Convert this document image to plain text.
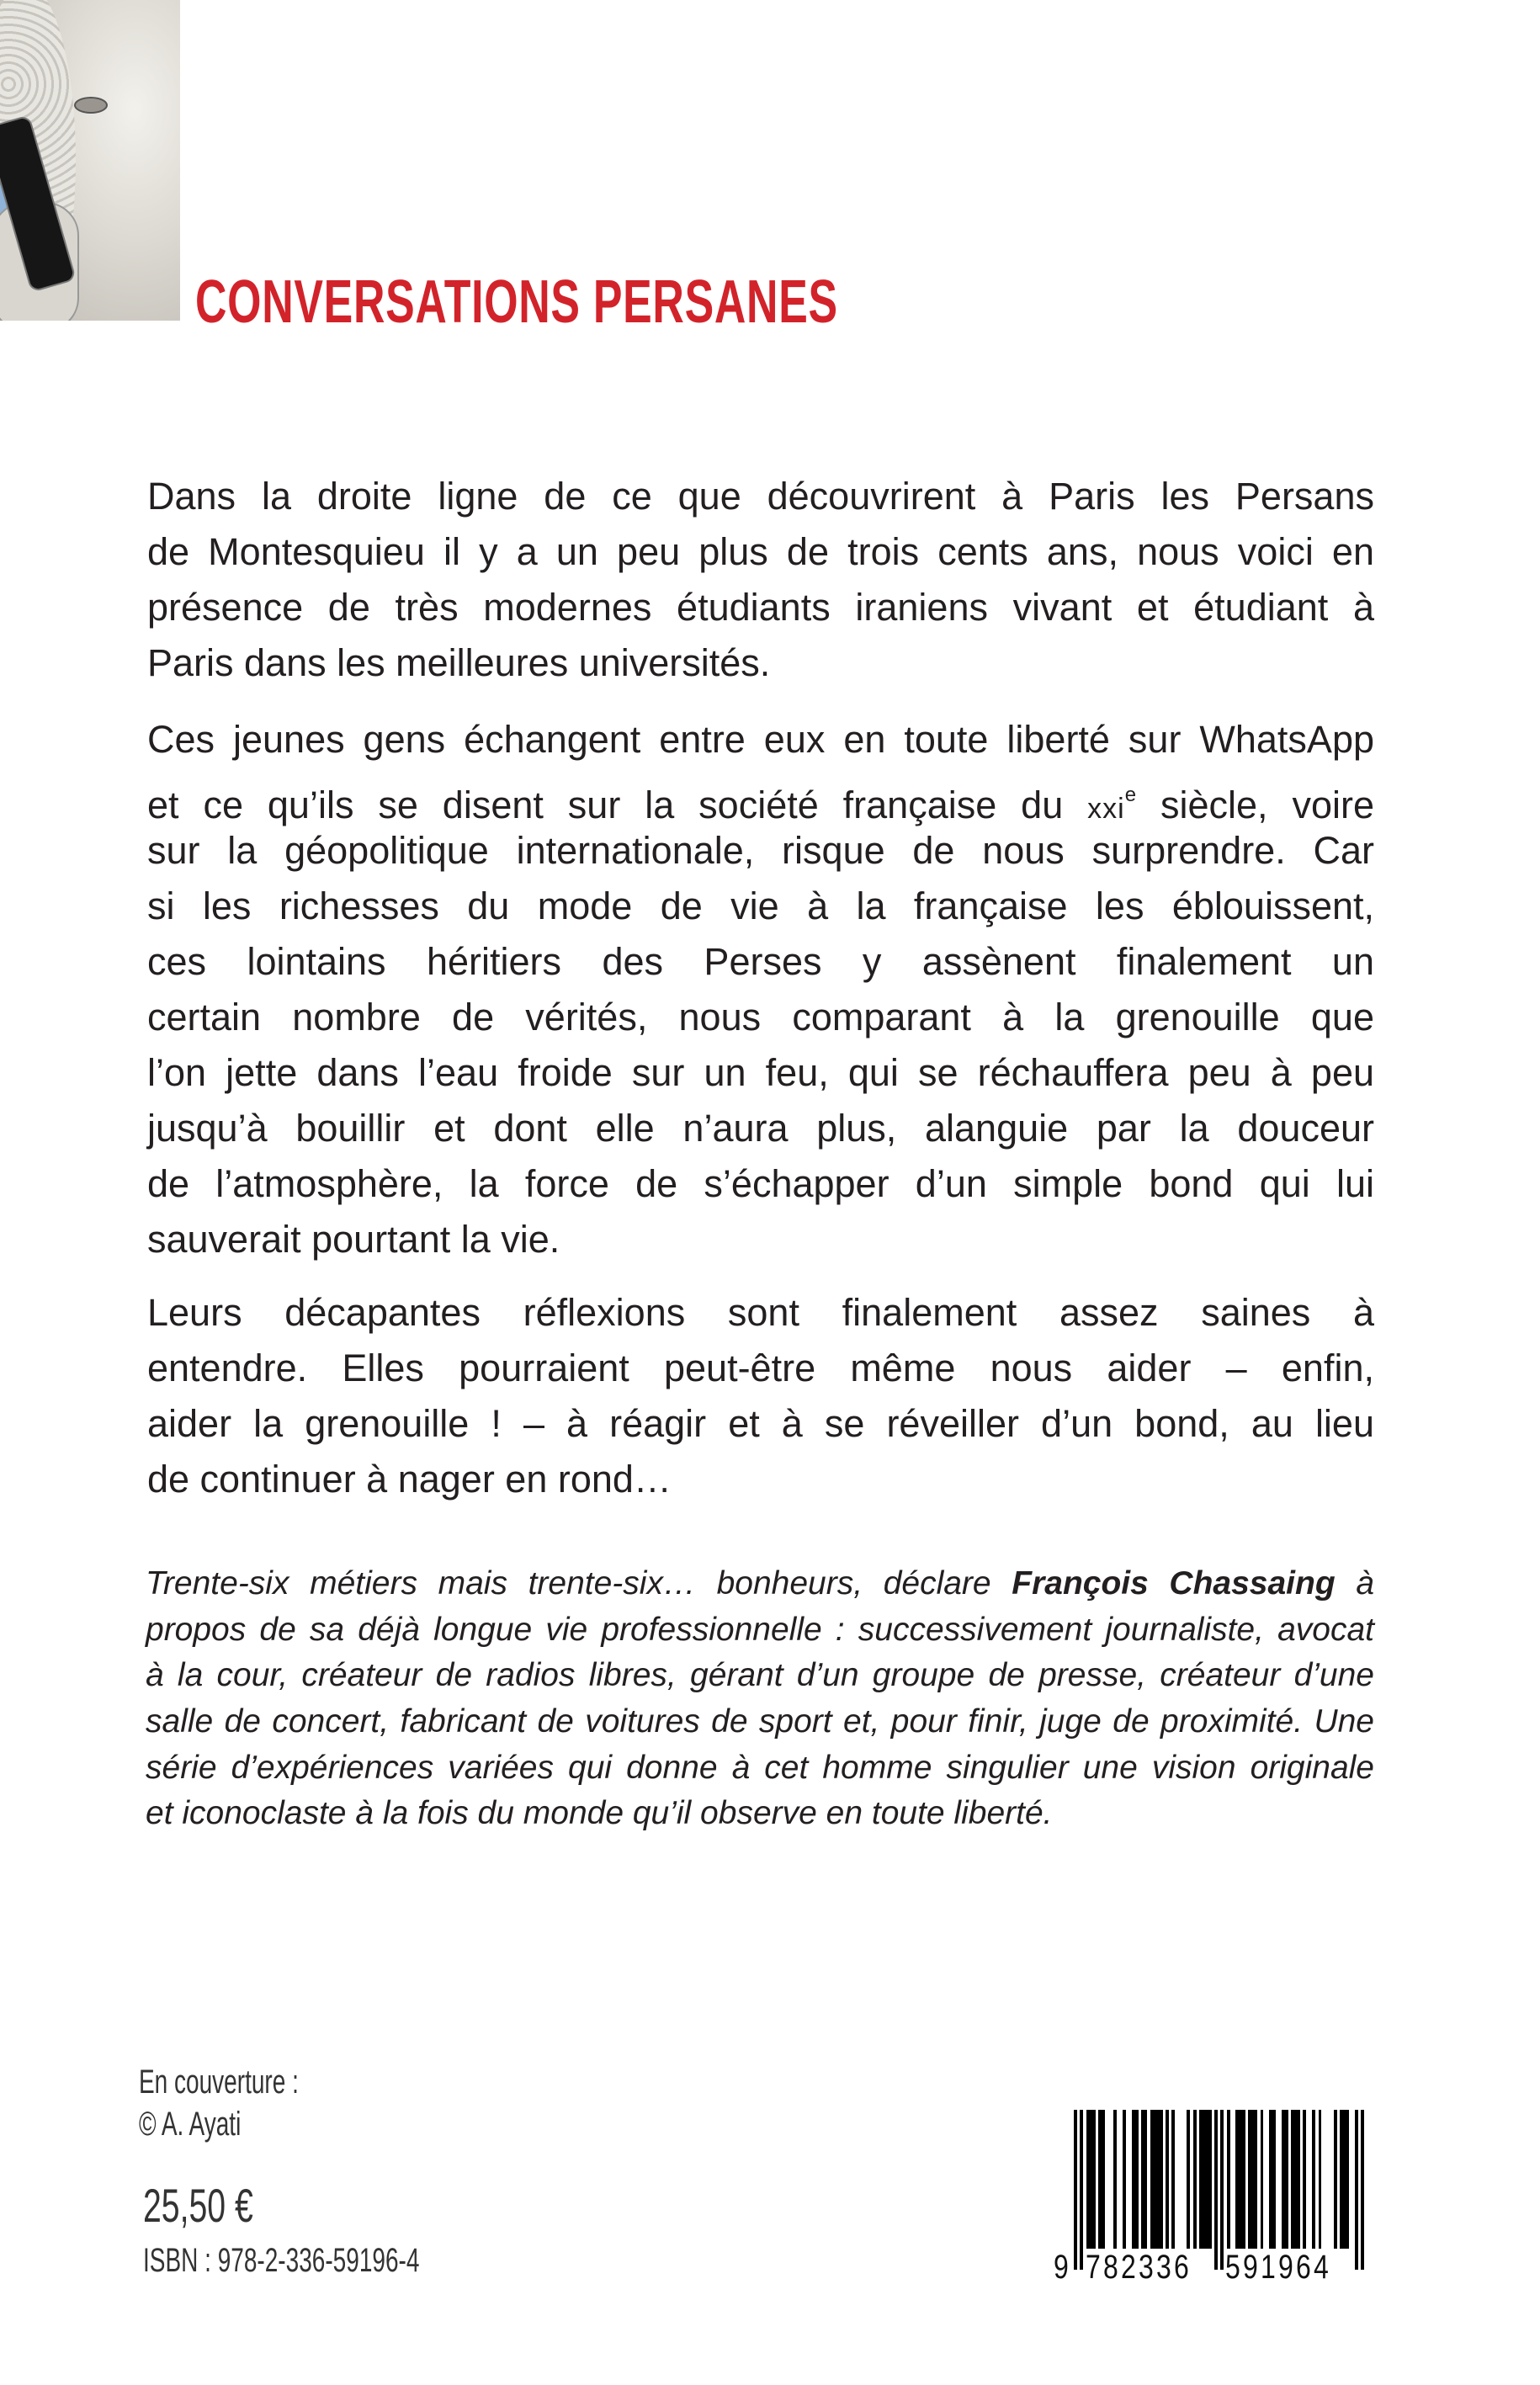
CONVERSATIONS PERSANES
Dans la droite ligne de ce que découvrirent à Paris les Persans
de Montesquieu il y a un peu plus de trois cents ans, nous voici en
présence de très modernes étudiants iraniens vivant et étudiant à
Paris dans les meilleures universités.
Ces jeunes gens échangent entre eux en toute liberté sur WhatsApp
et ce qu’ils se disent sur la société française du xxi$^e$ siècle, voire
sur la géopolitique internationale, risque de nous surprendre. Car
si les richesses du mode de vie à la française les éblouissent,
ces lointains héritiers des Perses y assènent finalement un
certain nombre de vérités, nous comparant à la grenouille que
l’on jette dans l’eau froide sur un feu, qui se réchauffera peu à peu
jusqu’à bouillir et dont elle n’aura plus, alanguie par la douceur
de l’atmosphère, la force de s’échapper d’un simple bond qui lui
sauverait pourtant la vie.
Leurs décapantes réflexions sont finalement assez saines à
entendre. Elles pourraient peut-être même nous aider – enfin,
aider la grenouille ! – à réagir et à se réveiller d’un bond, au lieu
de continuer à nager en rond…
Trente-six métiers mais trente-six… bonheurs, déclare François Chassaing à
propos de sa déjà longue vie professionnelle : successivement journaliste, avocat
à la cour, créateur de radios libres, gérant d’un groupe de presse, créateur d’une
salle de concert, fabricant de voitures de sport et, pour finir, juge de proximité. Une
série d’expériences variées qui donne à cet homme singulier une vision originale
et iconoclaste à la fois du monde qu’il observe en toute liberté.
En couverture :
© A. Ayati
25,50 €
ISBN : 978-2-336-59196-4	9 782336 591964
